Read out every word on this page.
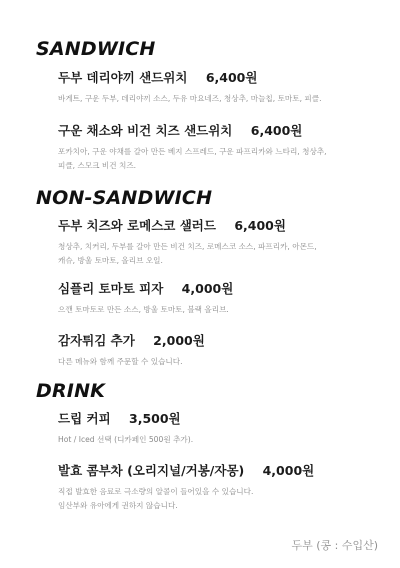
SANDWICH
두부 데리야끼 샌드위치 6,400원
바게트, 구운 두부, 데리야끼 소스, 두유 마요네즈, 청상추, 마늘칩, 토마토, 피클.
구운 채소와 비건 치즈 샌드위치 6,400원
포카치아, 구운 야채를 갈아 만든 베지 스프레드, 구운 파프리카와 느타리, 청상추,
피클, 스모크 비건 치즈.
NON-SANDWICH
두부 치즈와 로메스코 샐러드 6,400원
청상추, 치커리, 두부를 갈아 만든 비건 치즈, 로메스코 소스, 파프리카, 아몬드,
캐슈, 방울 토마토, 올리브 오일.
심플리 토마토 피자 4,000원
으깬 토마토로 만든 소스, 방울 토마토, 블랙 올리브.
감자튀김 추가 2,000원
다른 메뉴와 함께 주문할 수 있습니다.
DRINK
드립 커피 3,500원
Hot / Iced 선택 (디카페인 500원 추가).
발효 콤부차 (오리지널/거봉/자몽) 4,000원
직접 발효한 음료로 극소량의 알콜이 들어있을 수 있습니다.
임산부와 유아에게 권하지 않습니다.
두부 (콩 : 수입산)
